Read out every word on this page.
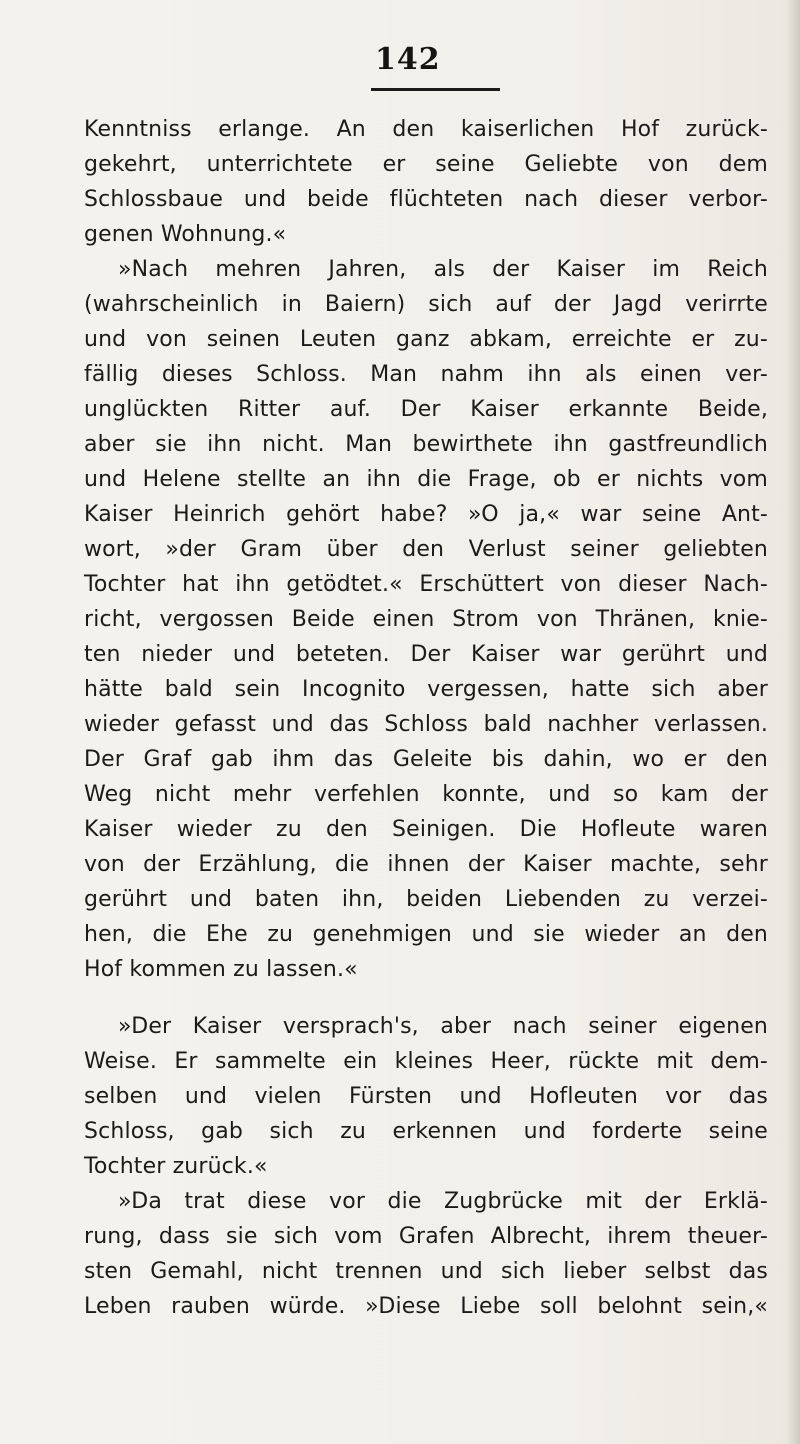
142
Kenntniss erlange. An den kaiserlichen Hof zurück-
gekehrt, unterrichtete er seine Geliebte von dem
Schlossbaue und beide flüchteten nach dieser verbor-
genen Wohnung.«
»Nach mehren Jahren, als der Kaiser im Reich
(wahrscheinlich in Baiern) sich auf der Jagd verirrte
und von seinen Leuten ganz abkam, erreichte er zu-
fällig dieses Schloss. Man nahm ihn als einen ver-
unglückten Ritter auf. Der Kaiser erkannte Beide,
aber sie ihn nicht. Man bewirthete ihn gastfreundlich
und Helene stellte an ihn die Frage, ob er nichts vom
Kaiser Heinrich gehört habe? »O ja,« war seine Ant-
wort, »der Gram über den Verlust seiner geliebten
Tochter hat ihn getödtet.« Erschüttert von dieser Nach-
richt, vergossen Beide einen Strom von Thränen, knie-
ten nieder und beteten. Der Kaiser war gerührt und
hätte bald sein Incognito vergessen, hatte sich aber
wieder gefasst und das Schloss bald nachher verlassen.
Der Graf gab ihm das Geleite bis dahin, wo er den
Weg nicht mehr verfehlen konnte, und so kam der
Kaiser wieder zu den Seinigen. Die Hofleute waren
von der Erzählung, die ihnen der Kaiser machte, sehr
gerührt und baten ihn, beiden Liebenden zu verzei-
hen, die Ehe zu genehmigen und sie wieder an den
Hof kommen zu lassen.«
»Der Kaiser versprach's, aber nach seiner eigenen
Weise. Er sammelte ein kleines Heer, rückte mit dem-
selben und vielen Fürsten und Hofleuten vor das
Schloss, gab sich zu erkennen und forderte seine
Tochter zurück.«
»Da trat diese vor die Zugbrücke mit der Erklä-
rung, dass sie sich vom Grafen Albrecht, ihrem theuer-
sten Gemahl, nicht trennen und sich lieber selbst das
Leben rauben würde. »Diese Liebe soll belohnt sein,«
